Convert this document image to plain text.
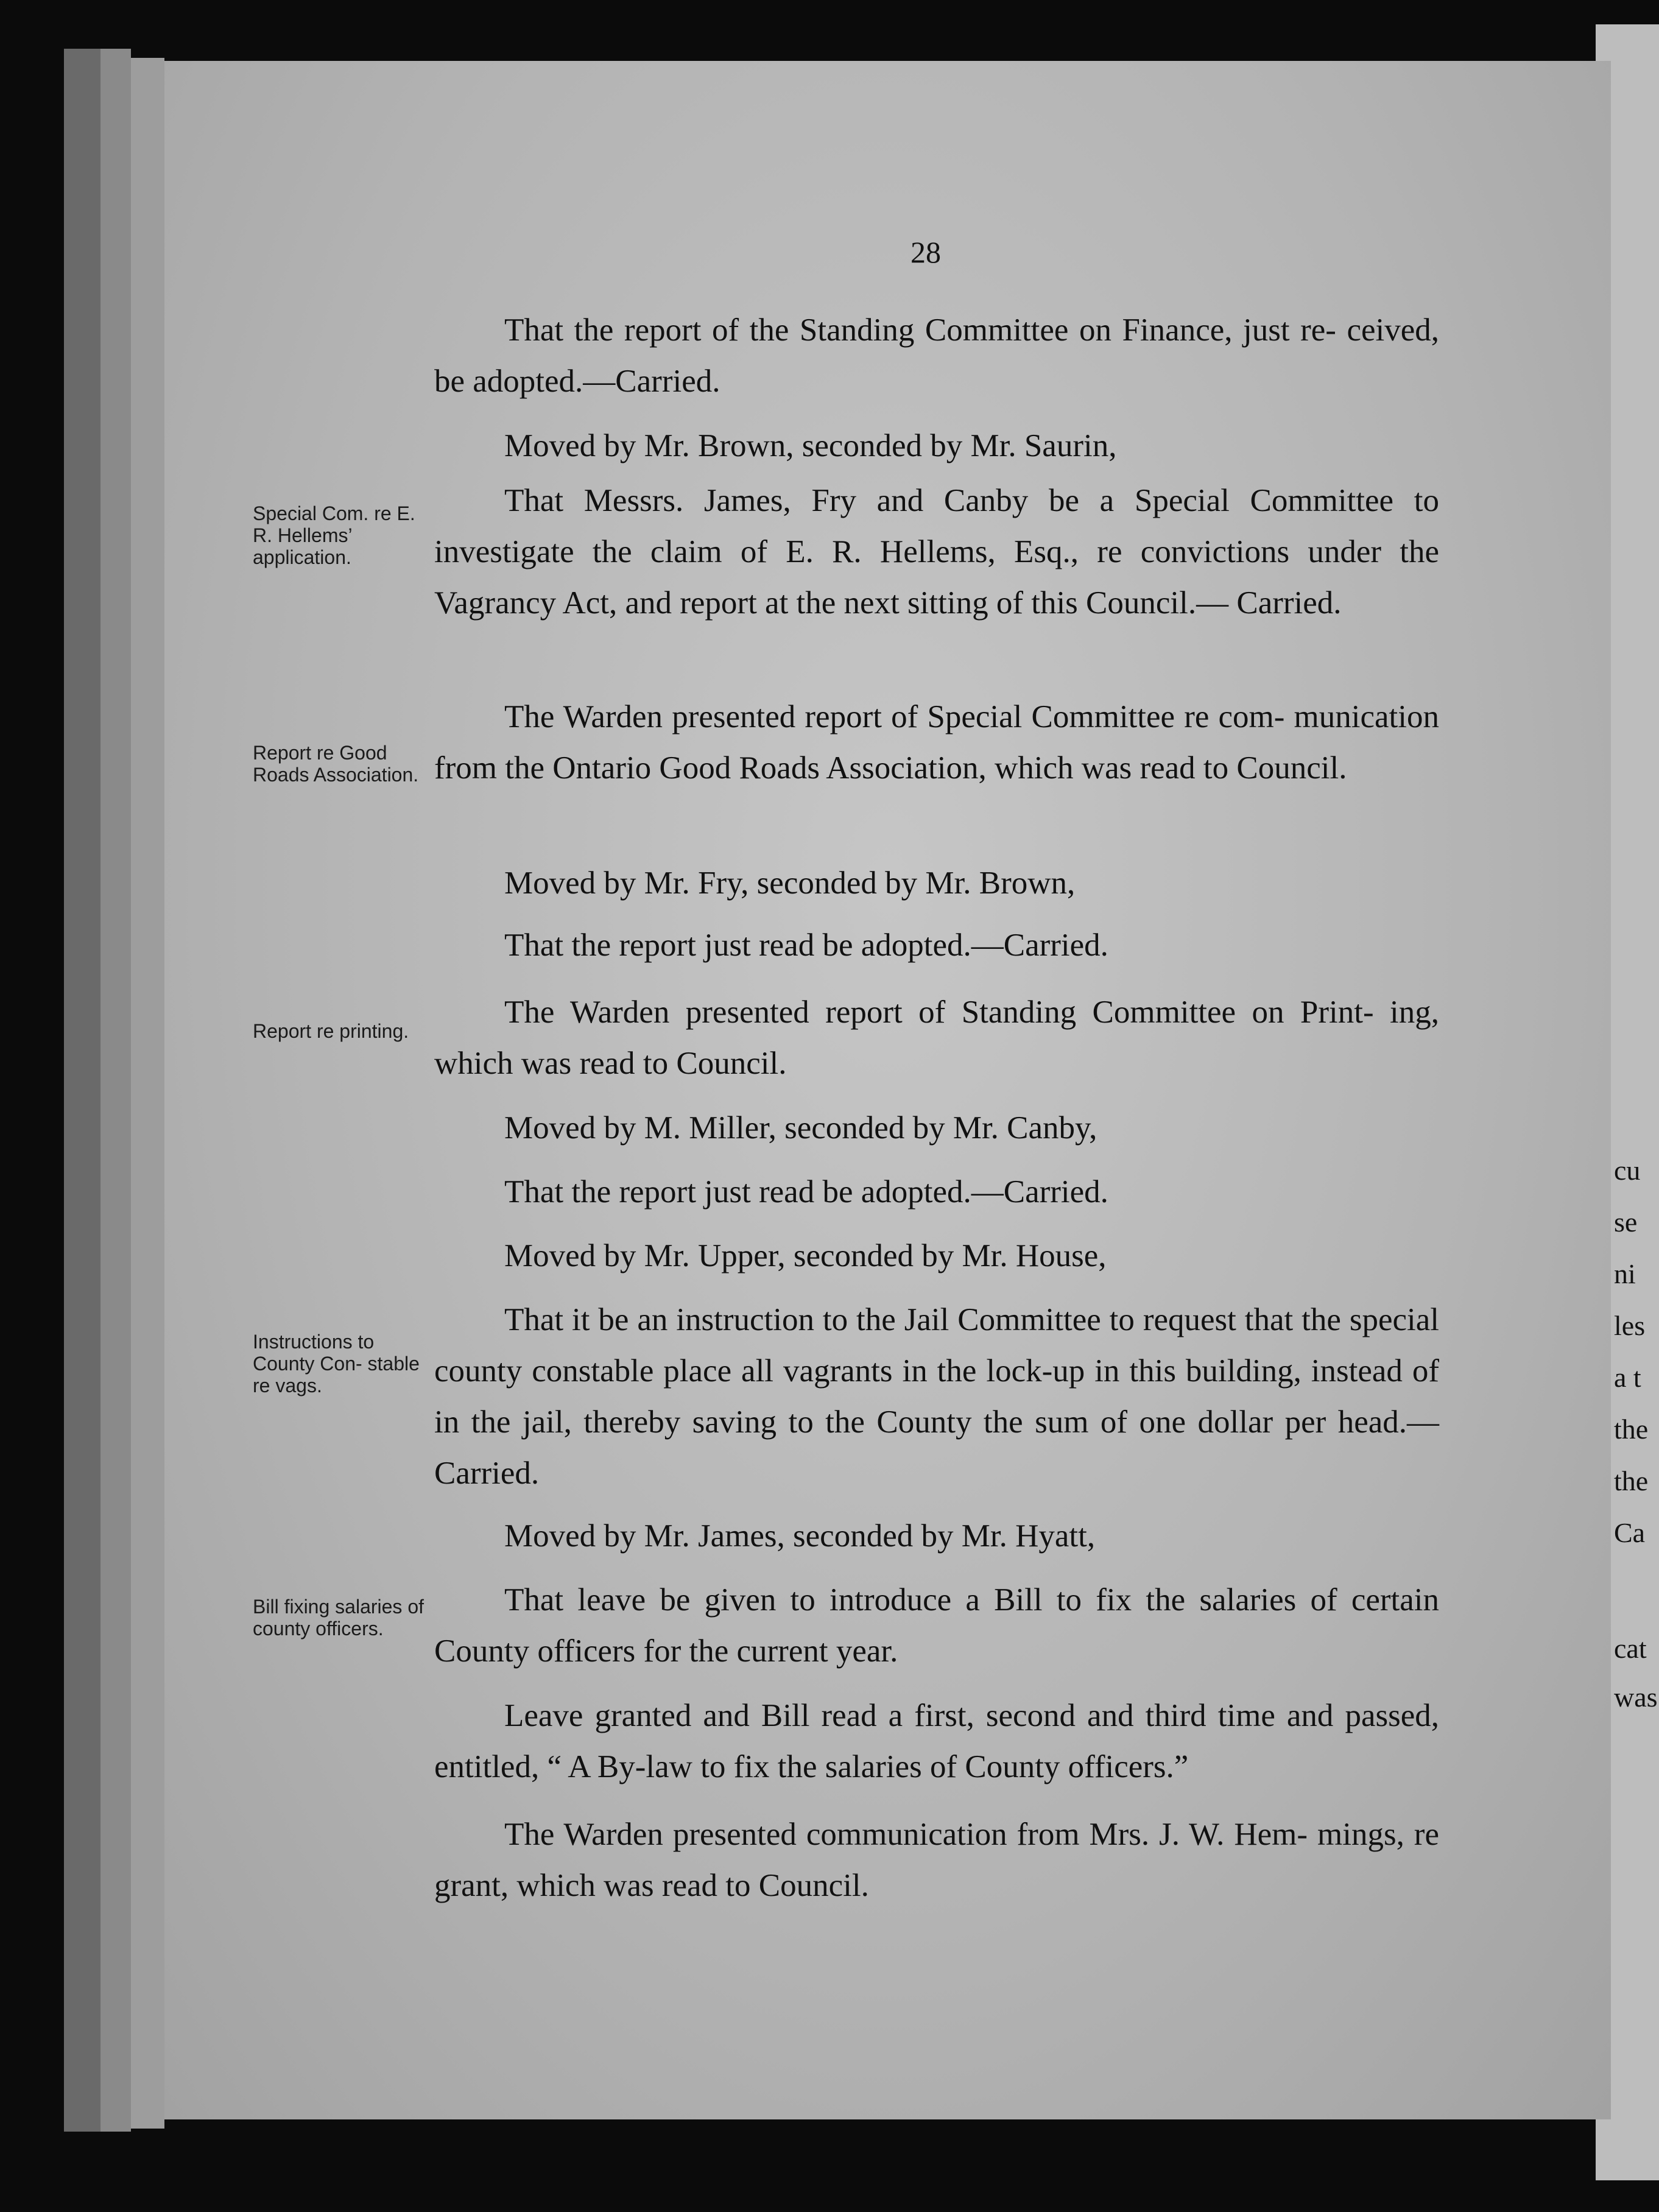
28

That the report of the Standing Committee on Finance, just re- ceived, be adopted.—Carried.

Moved by Mr. Brown, seconded by Mr. Saurin,

That Messrs. James, Fry and Canby be a Special Committee to investigate the claim of E. R. Hellems, Esq., re convictions under the Vagrancy Act, and report at the next sitting of this Council.— Carried.

The Warden presented report of Special Committee re com- munication from the Ontario Good Roads Association, which was read to Council.

Moved by Mr. Fry, seconded by Mr. Brown,

That the report just read be adopted.—Carried.

The Warden presented report of Standing Committee on Print- ing, which was read to Council.

Moved by M. Miller, seconded by Mr. Canby,

That the report just read be adopted.—Carried.

Moved by Mr. Upper, seconded by Mr. House,

That it be an instruction to the Jail Committee to request that the special county constable place all vagrants in the lock-up in this building, instead of in the jail, thereby saving to the County the sum of one dollar per head.—Carried.

Moved by Mr. James, seconded by Mr. Hyatt,

That leave be given to introduce a Bill to fix the salaries of certain County officers for the current year.

Leave granted and Bill read a first, second and third time and passed, entitled, “ A By-law to fix the salaries of County officers.”

The Warden presented communication from Mrs. J. W. Hem- mings, re grant, which was read to Council.

Special Com. re E. R. Hellems’ application.
Report re Good Roads Association.
Report re printing.
Instructions to County Con- stable re vags.
Bill fixing salaries of county officers.
cu
se
ni
les
a t
the
the
Ca
cat
was
